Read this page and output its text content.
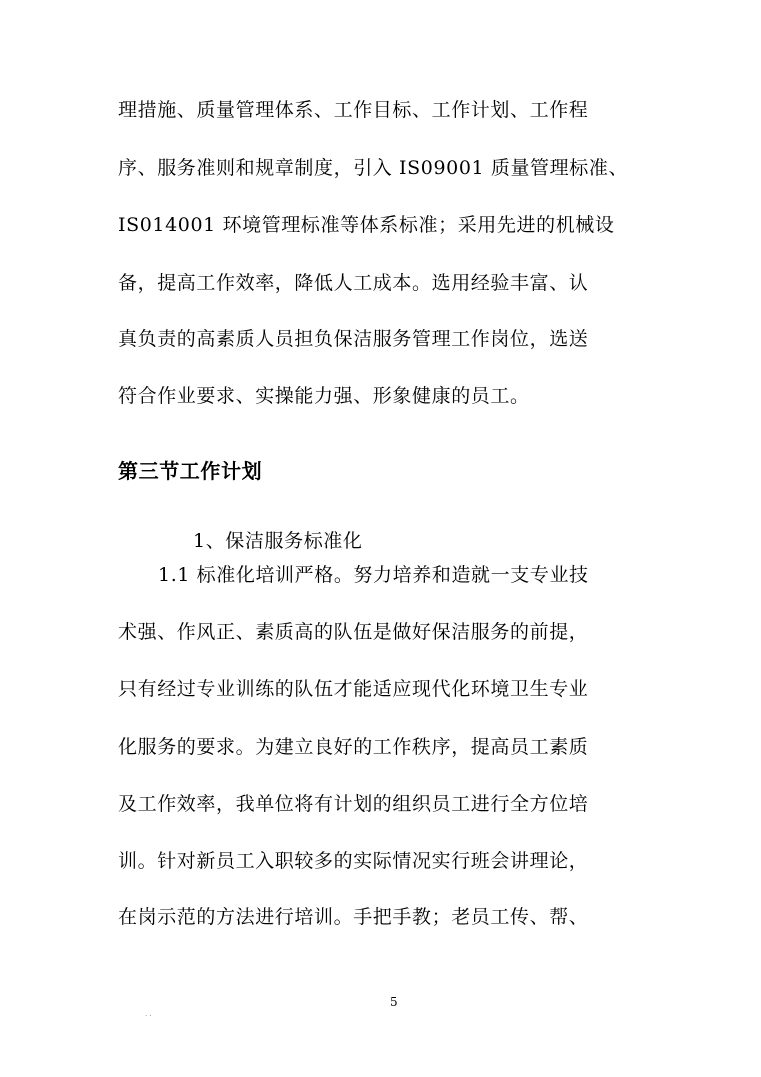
理措施、质量管理体系、工作目标、工作计划、工作程

序、服务准则和规章制度，引入 IS09001 质量管理标准、

IS014001 环境管理标准等体系标准；采用先进的机械设

备，提高工作效率，降低人工成本。选用经验丰富、认

真负责的高素质人员担负保洁服务管理工作岗位，选送

符合作业要求、实操能力强、形象健康的员工。

第三节工作计划

1、保洁服务标准化

1.1 标准化培训严格。努力培养和造就一支专业技

术强、作风正、素质高的队伍是做好保洁服务的前提，

只有经过专业训练的队伍才能适应现代化环境卫生专业

化服务的要求。为建立良好的工作秩序，提高员工素质

及工作效率，我单位将有计划的组织员工进行全方位培

训。针对新员工入职较多的实际情况实行班会讲理论，

在岗示范的方法进行培训。手把手教；老员工传、帮、

5
. .
